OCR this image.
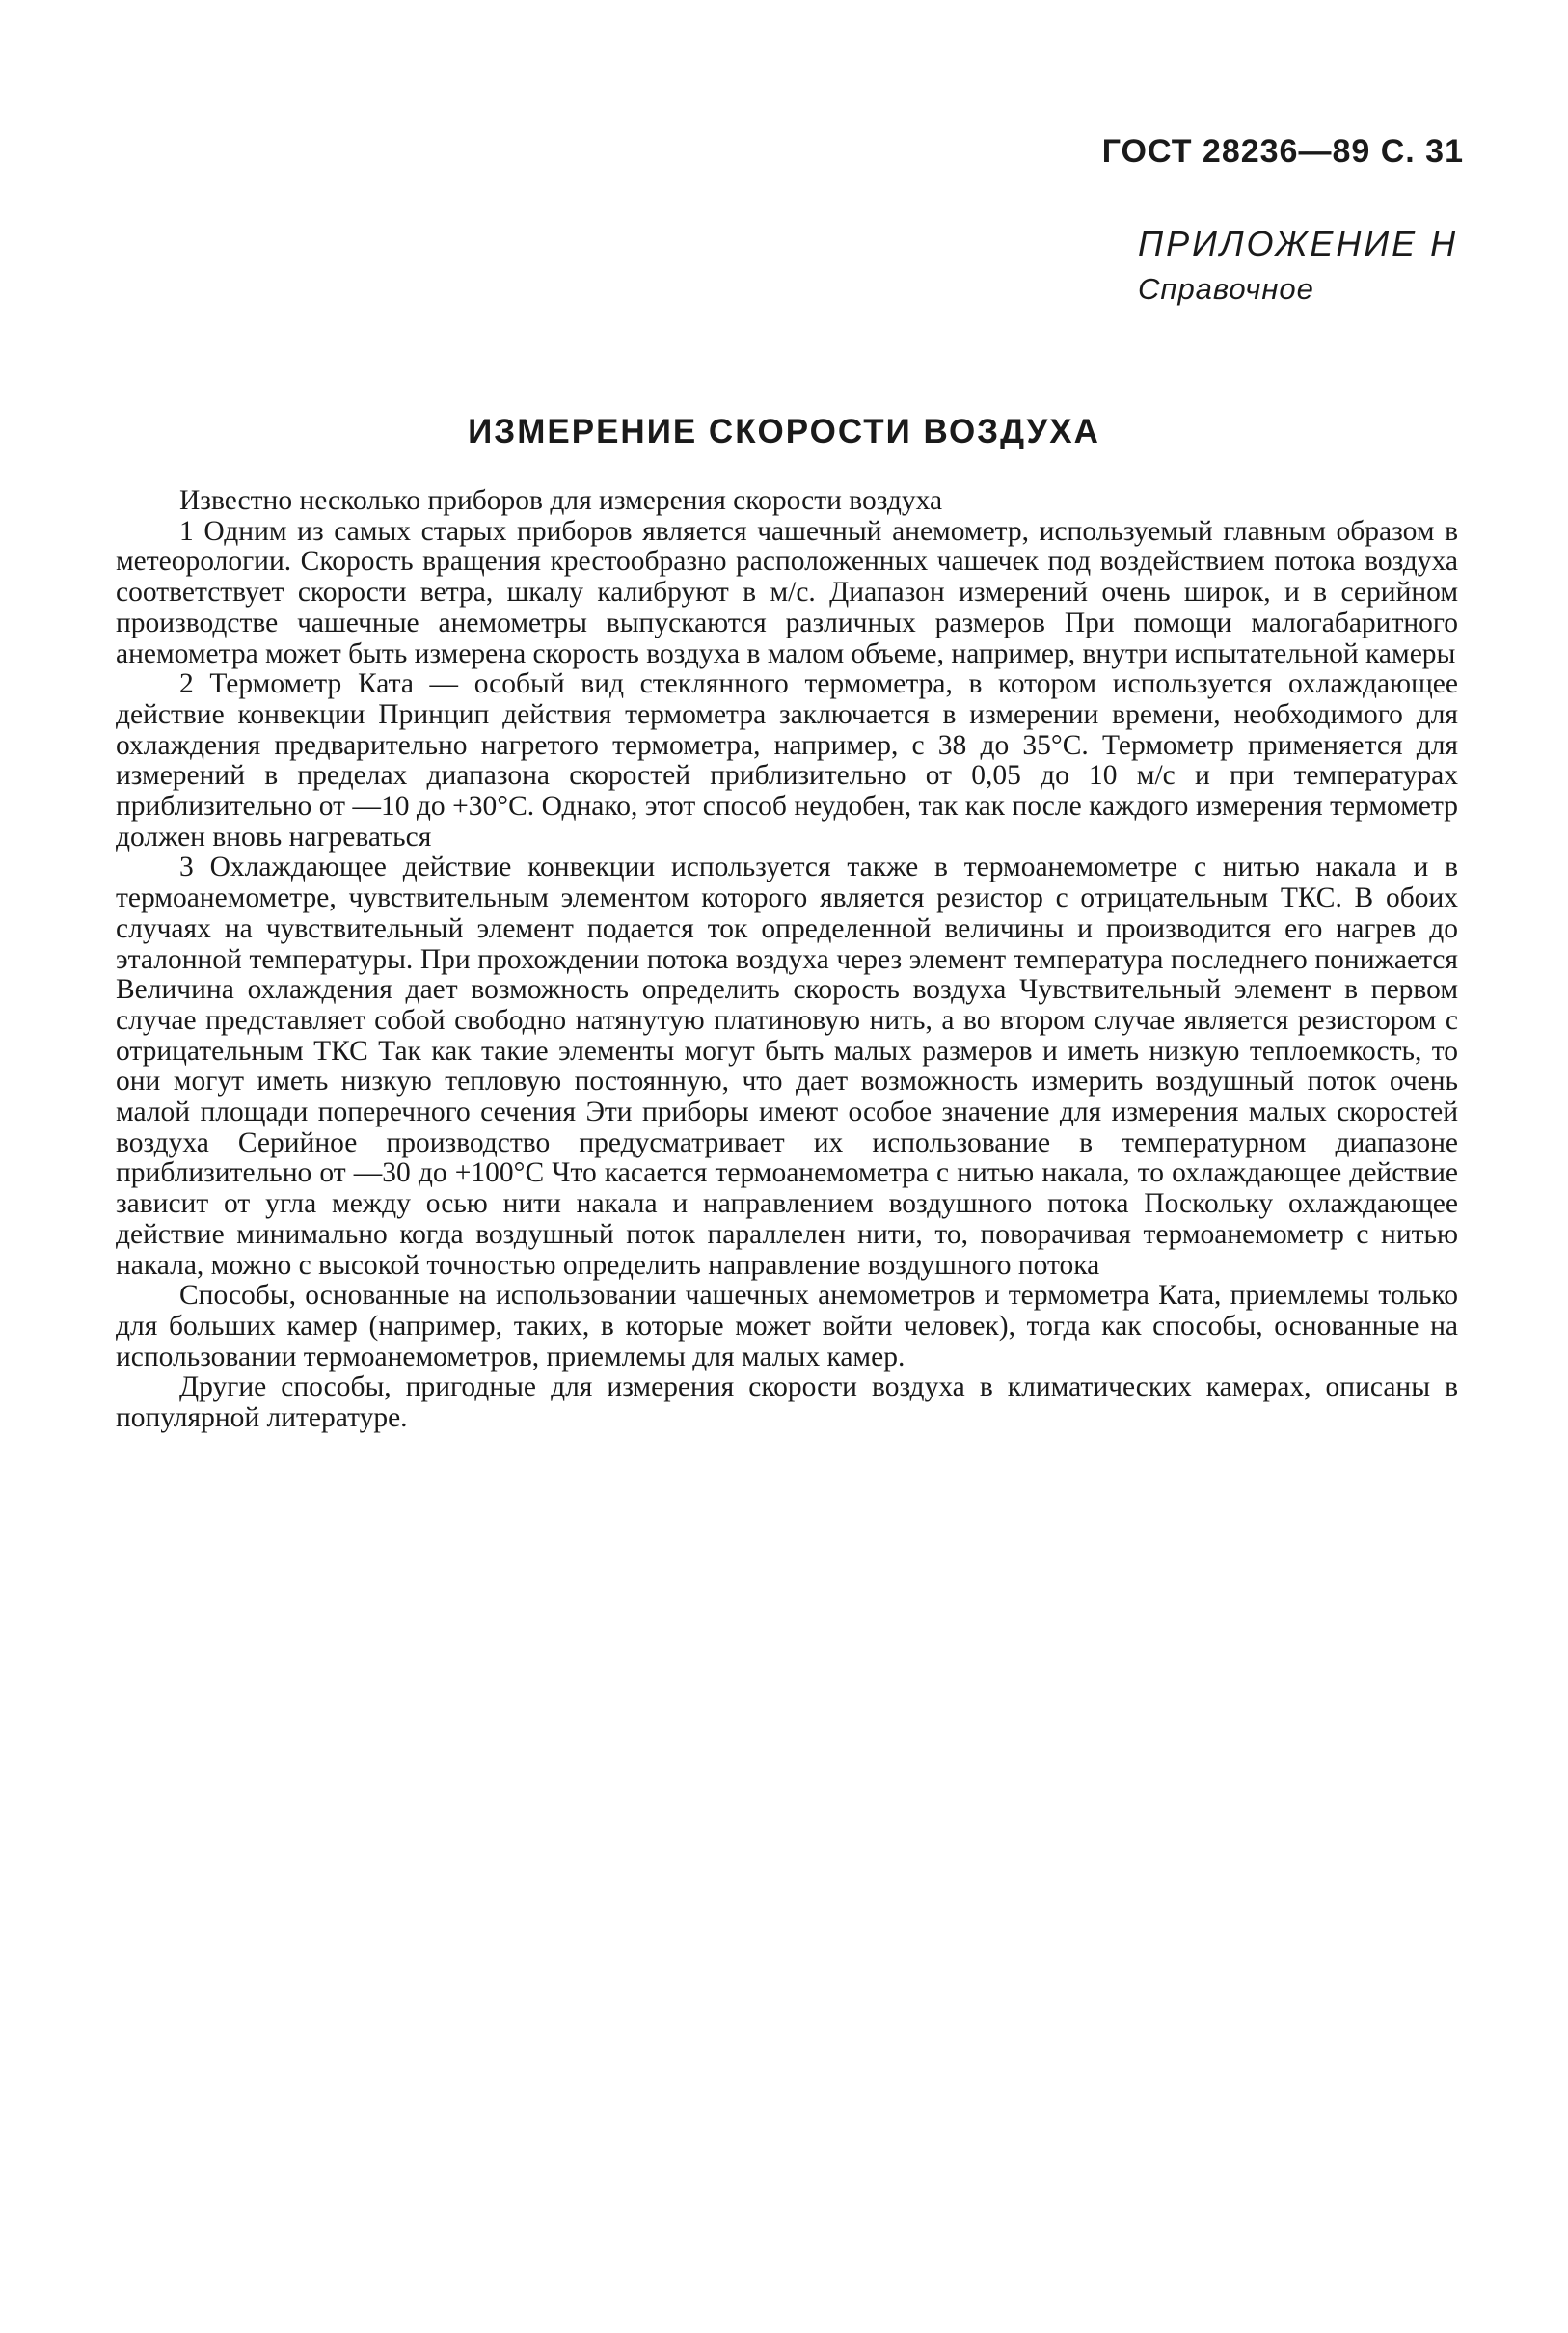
ГОСТ 28236—89 С. 31
ПРИЛОЖЕНИЕ Н
Справочное
ИЗМЕРЕНИЕ СКОРОСТИ ВОЗДУХА

Известно несколько приборов для измерения скорости воздуха

1 Одним из самых старых приборов является чашечный анемометр, используемый главным образом в метеорологии. Скорость вращения крестообразно расположенных чашечек под воздействием потока воздуха соответствует скорости ветра, шкалу калибруют в м/с. Диапазон измерений очень широк, и в серийном производстве чашечные анемометры выпускаются различных размеров При помощи малогабаритного анемометра может быть измерена скорость воздуха в малом объеме, например, внутри испытательной камеры

2 Термометр Ката — особый вид стеклянного термометра, в котором используется охлаждающее действие конвекции Принцип действия термометра заключается в измерении времени, необходимого для охлаждения предварительно нагретого термометра, например, с 38 до 35°С. Термометр применяется для измерений в пределах диапазона скоростей приблизительно от 0,05 до 10 м/с и при температурах приблизительно от —10 до +30°С. Однако, этот способ неудобен, так как после каждого измерения термометр должен вновь нагреваться

3 Охлаждающее действие конвекции используется также в термоанемометре с нитью накала и в термоанемометре, чувствительным элементом которого является резистор с отрицательным ТКС. В обоих случаях на чувствительный элемент подается ток определенной величины и производится его нагрев до эталонной температуры. При прохождении потока воздуха через элемент температура последнего понижается Величина охлаждения дает возможность определить скорость воздуха Чувствительный элемент в первом случае представляет собой свободно натянутую платиновую нить, а во втором случае является резистором с отрицательным ТКС Так как такие элементы могут быть малых размеров и иметь низкую теплоемкость, то они могут иметь низкую тепловую постоянную, что дает возможность измерить воздушный поток очень малой площади поперечного сечения Эти приборы имеют особое значение для измерения малых скоростей воздуха Серийное производство предусматривает их использование в температурном диапазоне приблизительно от —30 до +100°С Что касается термоанемометра с нитью накала, то охлаждающее действие зависит от угла между осью нити накала и направлением воздушного потока Поскольку охлаждающее действие минимально когда воздушный поток параллелен нити, то, поворачивая термоанемометр с нитью накала, можно с высокой точностью определить направление воздушного потока

Способы, основанные на использовании чашечных анемометров и термометра Ката, приемлемы только для больших камер (например, таких, в которые может войти человек), тогда как способы, основанные на использовании термоанемометров, приемлемы для малых камер.

Другие способы, пригодные для измерения скорости воздуха в климатических камерах, описаны в популярной литературе.
